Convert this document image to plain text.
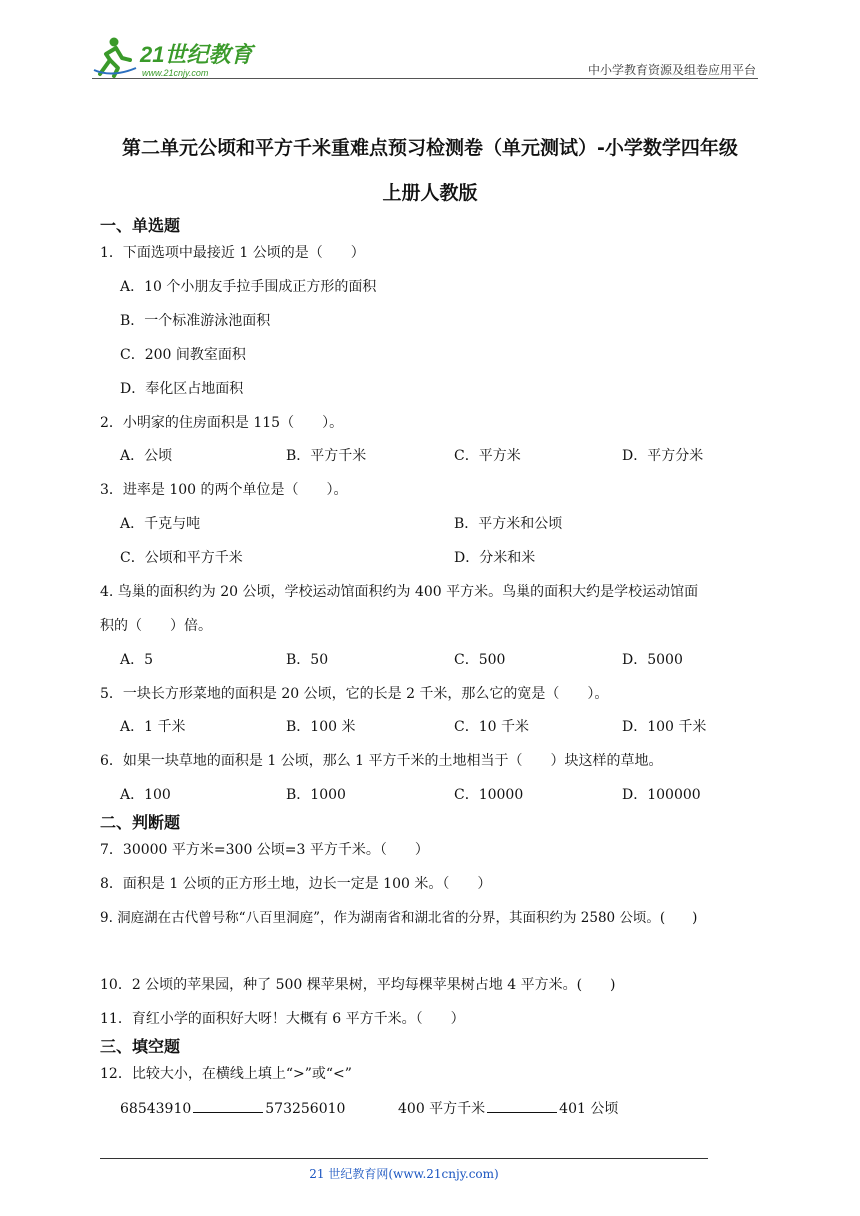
21世纪教育
www.21cnjy.com	中小学教育资源及组卷应用平台
第二单元公顷和平方千米重难点预习检测卷（单元测试）-小学数学四年级
上册人教版
一、单选题
1．下面选项中最接近 1 公顷的是（　　）
A．10 个小朋友手拉手围成正方形的面积
B．一个标准游泳池面积
C．200 间教室面积
D．奉化区占地面积
2．小明家的住房面积是 115（　　）。
A．公顷	B．平方千米	C．平方米	D．平方分米
3．进率是 100 的两个单位是（　　）。
A．千克与吨	B．平方米和公顷
C．公顷和平方千米	D．分米和米
4. 鸟巢的面积约为 20 公顷，学校运动馆面积约为 400 平方米。鸟巢的面积大约是学校运动馆面
积的（　　）倍。
A．5	B．50	C．500	D．5000
5．一块长方形菜地的面积是 20 公顷，它的长是 2 千米，那么它的宽是（　　）。
A．1 千米	B．100 米	C．10 千米	D．100 千米
6．如果一块草地的面积是 1 公顷，那么 1 平方千米的土地相当于（　　）块这样的草地。
A．100	B．1000	C．10000	D．100000
二、判断题
7．30000 平方米=300 公顷=3 平方千米。（　　）
8．面积是 1 公顷的正方形土地，边长一定是 100 米。（　　）
9. 洞庭湖在古代曾号称“八百里洞庭”，作为湖南省和湖北省的分界，其面积约为 2580 公顷。(　　)
10．2 公顷的苹果园，种了 500 棵苹果树，平均每棵苹果树占地 4 平方米。(　　)
11．育红小学的面积好大呀！大概有 6 平方千米。（　　）
三、填空题
12．比较大小，在横线上填上“>”或“<”
68543910	573256010	400 平方千米	401 公顷
21 世纪教育网(www.21cnjy.com)
